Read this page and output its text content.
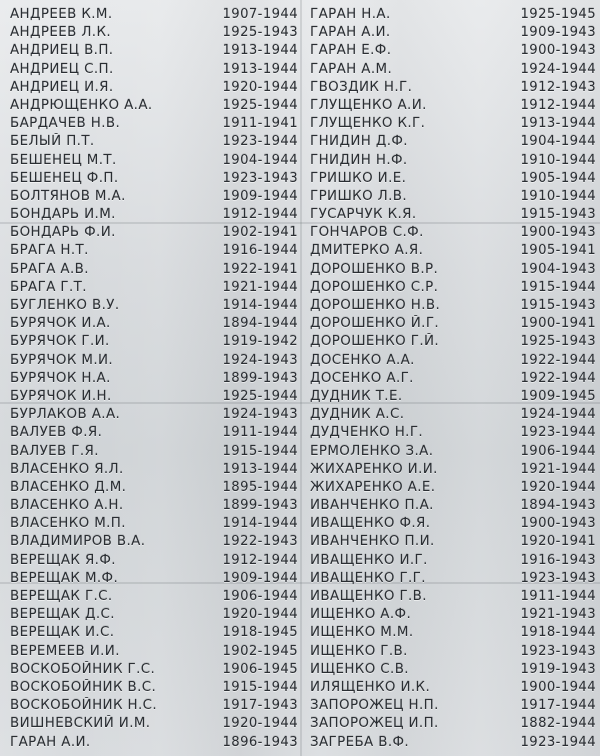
АНДРЕЕВ К.М.	1907-1944
АНДРЕЕВ Л.К.	1925-1943
АНДРИЕЦ В.П.	1913-1944
АНДРИЕЦ С.П.	1913-1944
АНДРИЕЦ И.Я.	1920-1944
АНДРЮЩЕНКО А.А.	1925-1944
БАРДАЧЕВ Н.В.	1911-1941
БЕЛЫЙ П.Т.	1923-1944
БЕШЕНЕЦ М.Т.	1904-1944
БЕШЕНЕЦ Ф.П.	1923-1943
БОЛТЯНОВ М.А.	1909-1944
БОНДАРЬ И.М.	1912-1944
БОНДАРЬ Ф.И.	1902-1941
БРАГА Н.Т.	1916-1944
БРАГА А.В.	1922-1941
БРАГА Г.Т.	1921-1944
БУГЛЕНКО В.У.	1914-1944
БУРЯЧОК И.А.	1894-1944
БУРЯЧОК Г.И.	1919-1942
БУРЯЧОК М.И.	1924-1943
БУРЯЧОК Н.А.	1899-1943
БУРЯЧОК И.Н.	1925-1944
БУРЛАКОВ А.А.	1924-1943
ВАЛУЕВ Ф.Я.	1911-1944
ВАЛУЕВ Г.Я.	1915-1944
ВЛАСЕНКО Я.Л.	1913-1944
ВЛАСЕНКО Д.М.	1895-1944
ВЛАСЕНКО А.Н.	1899-1943
ВЛАСЕНКО М.П.	1914-1944
ВЛАДИМИРОВ В.А.	1922-1943
ВЕРЕЩАК Я.Ф.	1912-1944
ВЕРЕЩАК М.Ф.	1909-1944
ВЕРЕЩАК Г.С.	1906-1944
ВЕРЕЩАК Д.С.	1920-1944
ВЕРЕЩАК И.С.	1918-1945
ВЕРЕМЕЕВ И.И.	1902-1945
ВОСКОБОЙНИК Г.С.	1906-1945
ВОСКОБОЙНИК В.С.	1915-1944
ВОСКОБОЙНИК Н.С.	1917-1943
ВИШНЕВСКИЙ И.М.	1920-1944
ГАРАН А.И.	1896-1943
ГАРАН Н.А.	1925-1945
ГАРАН А.И.	1909-1943
ГАРАН Е.Ф.	1900-1943
ГАРАН А.М.	1924-1944
ГВОЗДИК Н.Г.	1912-1943
ГЛУЩЕНКО А.И.	1912-1944
ГЛУЩЕНКО К.Г.	1913-1944
ГНИДИН Д.Ф.	1904-1944
ГНИДИН Н.Ф.	1910-1944
ГРИШКО И.Е.	1905-1944
ГРИШКО Л.В.	1910-1944
ГУСАРЧУК К.Я.	1915-1943
ГОНЧАРОВ С.Ф.	1900-1943
ДМИТЕРКО А.Я.	1905-1941
ДОРОШЕНКО В.Р.	1904-1943
ДОРОШЕНКО С.Р.	1915-1944
ДОРОШЕНКО Н.В.	1915-1943
ДОРОШЕНКО Й.Г.	1900-1941
ДОРОШЕНКО Г.Й.	1925-1943
ДОСЕНКО А.А.	1922-1944
ДОСЕНКО А.Г.	1922-1944
ДУДНИК Т.Е.	1909-1945
ДУДНИК А.С.	1924-1944
ДУДЧЕНКО Н.Г.	1923-1944
ЕРМОЛЕНКО З.А.	1906-1944
ЖИХАРЕНКО И.И.	1921-1944
ЖИХАРЕНКО А.Е.	1920-1944
ИВАНЧЕНКО П.А.	1894-1943
ИВАЩЕНКО Ф.Я.	1900-1943
ИВАНЧЕНКО П.И.	1920-1941
ИВАЩЕНКО И.Г.	1916-1943
ИВАЩЕНКО Г.Г.	1923-1943
ИВАЩЕНКО Г.В.	1911-1944
ИЩЕНКО А.Ф.	1921-1943
ИЩЕНКО М.М.	1918-1944
ИЩЕНКО Г.В.	1923-1943
ИЩЕНКО С.В.	1919-1943
ИЛЯЩЕНКО И.К.	1900-1944
ЗАПОРОЖЕЦ Н.П.	1917-1944
ЗАПОРОЖЕЦ И.П.	1882-1944
ЗАГРЕБА В.Ф.	1923-1944
